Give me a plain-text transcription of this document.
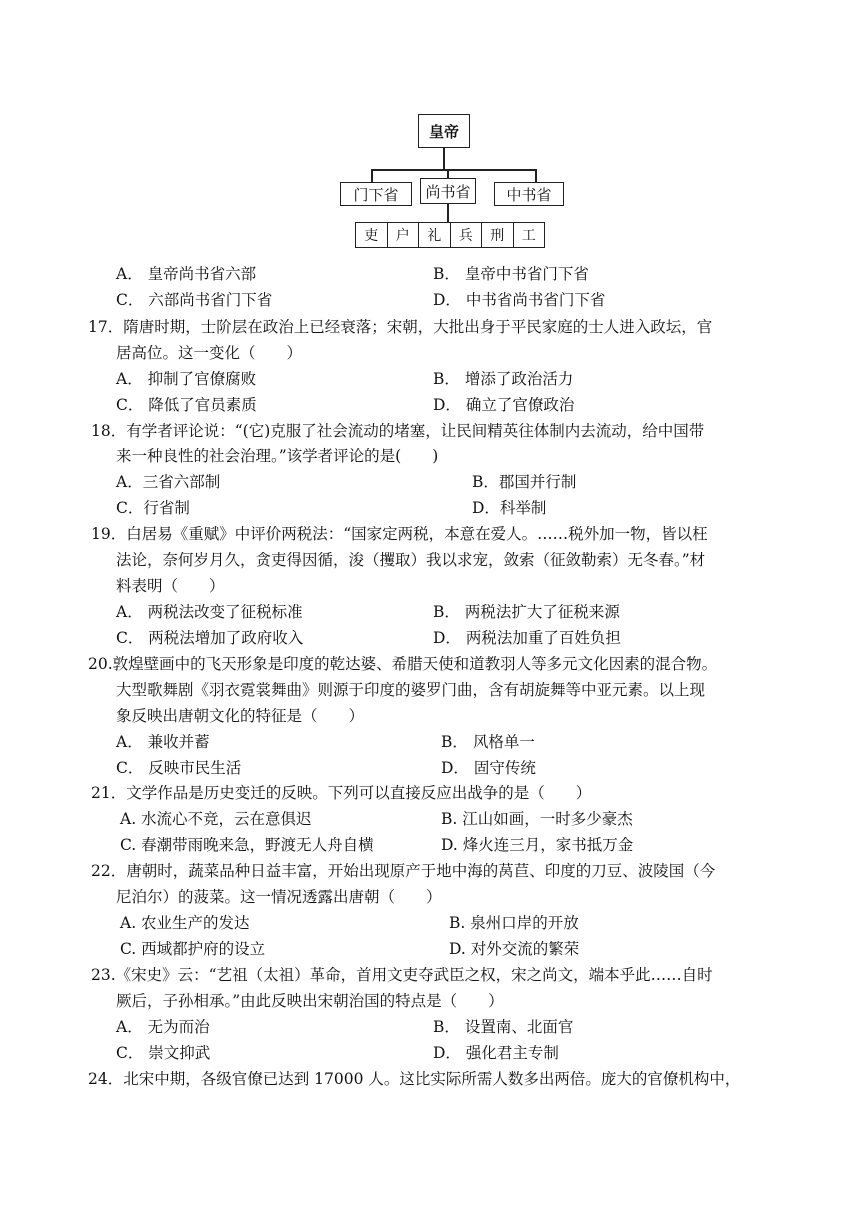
皇帝
门下省	尚书省	中书省
吏	户	礼	兵	刑	工
A． 皇帝尚书省六部	B． 皇帝中书省门下省
C． 六部尚书省门下省	D． 中书省尚书省门下省
17．隋唐时期，士阶层在政治上已经衰落；宋朝，大批出身于平民家庭的士人进入政坛，官
居高位。这一变化（　　）
A． 抑制了官僚腐败	B． 增添了政治活力
C． 降低了官员素质	D． 确立了官僚政治
18．有学者评论说：“(它)克服了社会流动的堵塞，让民间精英往体制内去流动，给中国带
来一种良性的社会治理。”该学者评论的是(　　)
A．三省六部制	B．郡国并行制
C．行省制	D．科举制
19．白居易《重赋》中评价两税法：“国家定两税，本意在爱人。……税外加一物，皆以枉
法论，奈何岁月久，贪吏得因循，浚（攫取）我以求宠，敛索（征敛勒索）无冬春。”材
料表明（　　）
A． 两税法改变了征税标准	B． 两税法扩大了征税来源
C． 两税法增加了政府收入	D． 两税法加重了百姓负担
20.敦煌壁画中的飞天形象是印度的乾达婆、希腊天使和道教羽人等多元文化因素的混合物。
大型歌舞剧《羽衣霓裳舞曲》则源于印度的婆罗门曲，含有胡旋舞等中亚元素。以上现
象反映出唐朝文化的特征是（　　）
A． 兼收并蓄	B． 风格单一
C． 反映市民生活	D． 固守传统
21．文学作品是历史变迁的反映。下列可以直接反应出战争的是（　　）
A. 水流心不竞，云在意俱迟	B. 江山如画，一时多少豪杰
C. 春潮带雨晚来急，野渡无人舟自横	D. 烽火连三月，家书抵万金
22．唐朝时，蔬菜品种日益丰富，开始出现原产于地中海的莴苣、印度的刀豆、波陵国（今
尼泊尔）的菠菜。这一情况透露出唐朝（　　）
A. 农业生产的发达	B. 泉州口岸的开放
C. 西域都护府的设立	D. 对外交流的繁荣
23.《宋史》云：“艺祖（太祖）革命，首用文吏夺武臣之权，宋之尚文，端本乎此……自时
厥后，子孙相承。”由此反映出宋朝治国的特点是（　　）
A． 无为而治	B． 设置南、北面官
C． 崇文抑武	D． 强化君主专制
24．北宋中期，各级官僚已达到 17000 人。这比实际所需人数多出两倍。庞大的官僚机构中，
